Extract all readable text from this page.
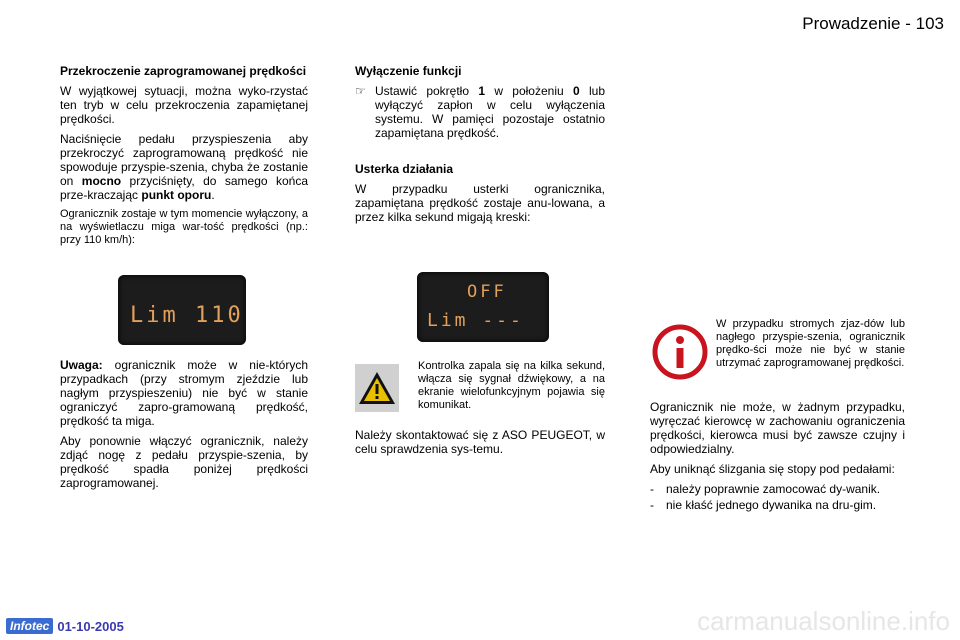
Prowadzenie - 103
Przekroczenie zaprogramowanej prędkości

W wyjątkowej sytuacji, można wyko-rzystać ten tryb w celu przekroczenia zapamiętanej prędkości.

Naciśnięcie pedału przyspieszenia aby przekroczyć zaprogramowaną prędkość nie spowoduje przyspie-szenia, chyba że zostanie on mocno przyciśnięty, do samego końca prze-kraczając punkt oporu.

Ogranicznik zostaje w tym momencie wyłączony, a na wyświetlaczu miga war-tość prędkości (np.: przy 110 km/h):

Lim 110

Uwaga: ogranicznik może w nie-których przypadkach (przy stromym zjeździe lub nagłym przyspieszeniu) nie być w stanie ograniczyć zapro-gramowaną prędkość, prędkość ta miga.

Aby ponownie włączyć ogranicznik, należy zdjąć nogę z pedału przyspie-szenia, by prędkość spadła poniżej prędkości zaprogramowanej.

Wyłączenie funkcji
☞ Ustawić pokrętło 1 w położeniu 0 lub wyłączyć zapłon w celu wyłączenia systemu. W pamięci pozostaje ostatnio zapamiętana prędkość.
Usterka działania

W przypadku usterki ogranicznika, zapamiętana prędkość zostaje anu-lowana, a przez kilka sekund migają kreski:

OFF
Lim ---

Kontrolka zapala się na kilka sekund, włącza się sygnał dźwiękowy, a na ekranie wielofunkcyjnym pojawia się komunikat.

Należy skontaktować się z ASO PEUGEOT, w celu sprawdzenia sys-temu.

W przypadku stromych zjaz-dów lub nagłego przyspie-szenia, ogranicznik prędko-ści może nie być w stanie utrzymać zaprogramowanej prędkości.

Ogranicznik nie może, w żadnym przypadku, wyręczać kierowcę w zachowaniu ograniczenia prędkości, kierowca musi być zawsze czujny i odpowiedzialny.

Aby uniknąć ślizgania się stopy pod pedałami:

-	należy poprawnie zamocować dy-wanik.
-	nie kłaść jednego dywanika na dru-gim.
Infotec 01-10-2005	carmanualsonline.info
